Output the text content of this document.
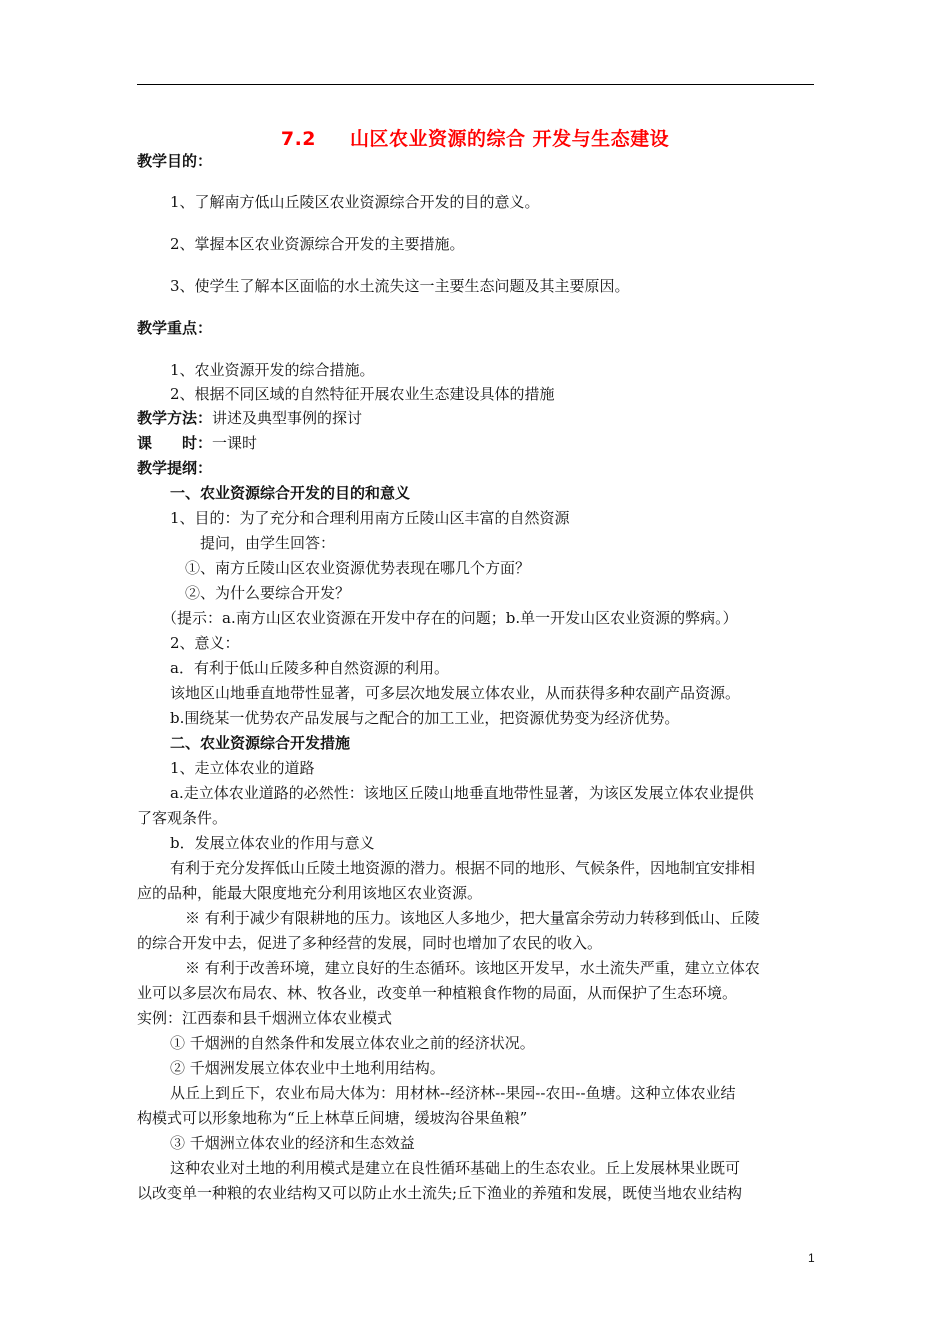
7.2 山区农业资源的综合 开发与生态建设
教学目的：
1、了解南方低山丘陵区农业资源综合开发的目的意义。
2、掌握本区农业资源综合开发的主要措施。
3、使学生了解本区面临的水土流失这一主要生态问题及其主要原因。
教学重点：
1、农业资源开发的综合措施。
2、根据不同区域的自然特征开展农业生态建设具体的措施
教学方法：讲述及典型事例的探讨
课　　时：一课时
教学提纲：
一、农业资源综合开发的目的和意义
1、目的：为了充分和合理利用南方丘陵山区丰富的自然资源
提问，由学生回答：
①、南方丘陵山区农业资源优势表现在哪几个方面？
②、为什么要综合开发？
（提示：a.南方山区农业资源在开发中存在的问题；b.单一开发山区农业资源的弊病。）
2、意义：
a．有利于低山丘陵多种自然资源的利用。
该地区山地垂直地带性显著，可多层次地发展立体农业，从而获得多种农副产品资源。
b.围绕某一优势农产品发展与之配合的加工工业，把资源优势变为经济优势。
二、农业资源综合开发措施
1、走立体农业的道路
a.走立体农业道路的必然性：该地区丘陵山地垂直地带性显著，为该区发展立体农业提供
了客观条件。
b．发展立体农业的作用与意义
有利于充分发挥低山丘陵土地资源的潜力。根据不同的地形、气候条件，因地制宜安排相
应的品种，能最大限度地充分利用该地区农业资源。
※ 有利于减少有限耕地的压力。该地区人多地少，把大量富余劳动力转移到低山、丘陵
的综合开发中去，促进了多种经营的发展，同时也增加了农民的收入。
※ 有利于改善环境，建立良好的生态循环。该地区开发早，水土流失严重，建立立体农
业可以多层次布局农、林、牧各业，改变单一种植粮食作物的局面，从而保护了生态环境。
实例：江西泰和县千烟洲立体农业模式
① 千烟洲的自然条件和发展立体农业之前的经济状况。
② 千烟洲发展立体农业中土地利用结构。
从丘上到丘下，农业布局大体为：用材林--经济林--果园--农田--鱼塘。这种立体农业结
构模式可以形象地称为“丘上林草丘间塘，缓坡沟谷果鱼粮”
③ 千烟洲立体农业的经济和生态效益
这种农业对土地的利用模式是建立在良性循环基础上的生态农业。丘上发展林果业既可
以改变单一种粮的农业结构又可以防止水土流失;丘下渔业的养殖和发展，既使当地农业结构
1
